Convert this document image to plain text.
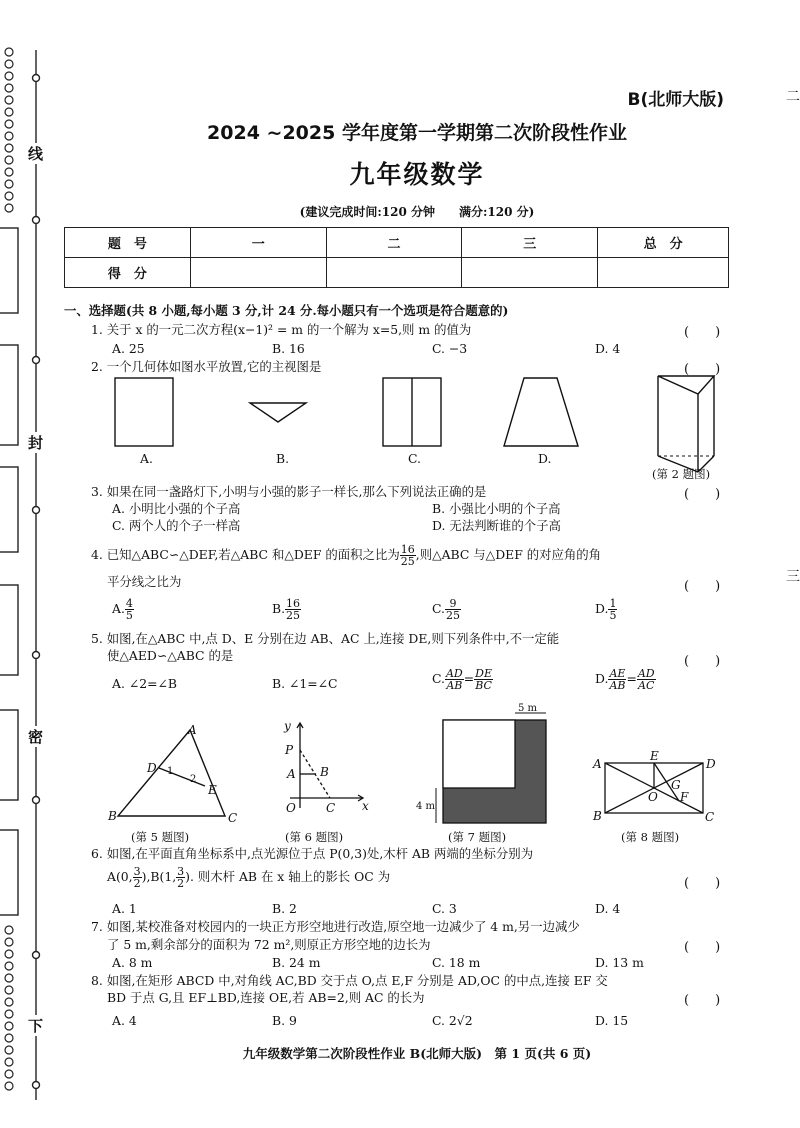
线
封
密
下
二
三
B(北师大版)
2024 ~2025 学年度第一学期第二次阶段性作业
九年级数学
(建议完成时间:120 分钟　　满分:120 分)
题　号	一	二	三	总　分
得　分				
一、选择题(共 8 小题,每小题 3 分,计 24 分.每小题只有一个选项是符合题意的)
1. 关于 x 的一元二次方程(x−1)² = m 的一个解为 x=5,则 m 的值为	(　　)
A. 25	B. 16	C. −3	D. 4
2. 一个几何体如图水平放置,它的主视图是	(　　)
A.	B.	C.	D.
(第 2 题图)
3. 如果在同一盏路灯下,小明与小强的影子一样长,那么下列说法正确的是	(　　)
A. 小明比小强的个子高	B. 小强比小明的个子高
C. 两个人的个子一样高	D. 无法判断谁的个子高
4. 已知△ABC∽△DEF,若△ABC 和△DEF 的面积之比为 $\frac{16}{25}$ ,则△ABC 与△DEF 的对应角的角
平分线之比为	(　　)
A. $\frac{4}{5}$	B. $\frac{16}{25}$	C. $\frac{9}{25}$	D. $\frac{1}{5}$
5. 如图,在△ABC 中,点 D、E 分别在边 AB、AC 上,连接 DE,则下列条件中,不一定能
使△AED∽△ABC 的是	(　　)
A. ∠2=∠B	B. ∠1=∠C	C. $\frac{AD}{AB} = \frac{DE}{BC}$	D. $\frac{AE}{AB} = \frac{AD}{AC}$
A
D 1
2
E
B	C
y
P
A B
O	C x
5 m
4 m
A
E
D
G
O F
B	C
(第 5 题图)	(第 6 题图)	(第 7 题图)	(第 8 题图)
6. 如图,在平面直角坐标系中,点光源位于点 P(0,3)处,木杆 AB 两端的坐标分别为
A(0, $\frac{3}{2} ),B(1$, $\frac{3}{2}$ ). 则木杆 AB 在 x 轴上的影长 OC 为	(　　)
A. 1	B. 2	C. 3	D. 4
7. 如图,某校准备对校园内的一块正方形空地进行改造,原空地一边减少了 4 m,另一边减少
了 5 m,剩余部分的面积为 72 m²,则原正方形空地的边长为	(　　)
A. 8 m	B. 24 m	C. 18 m	D. 13 m
8. 如图,在矩形 ABCD 中,对角线 AC,BD 交于点 O,点 E,F 分别是 AD,OC 的中点,连接 EF 交
BD 于点 G,且 EF⊥BD,连接 OE,若 AB=2,则 AC 的长为	(　　)
A. 4	B. 9	C. 2√2	D. 15
九年级数学第二次阶段性作业 B(北师大版)　第 1 页(共 6 页)
